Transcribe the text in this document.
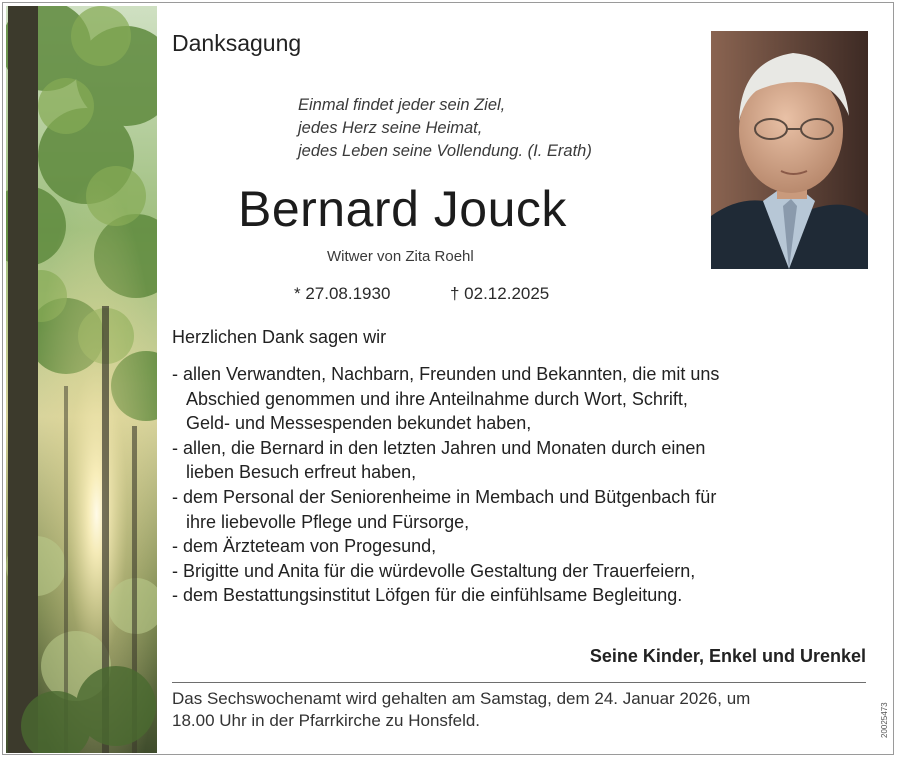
Danksagung
Einmal findet jeder sein Ziel,
jedes Herz seine Heimat,
jedes Leben seine Vollendung. (I. Erath)
Bernard Jouck
Witwer von Zita Roehl
* 27.08.1930	† 02.12.2025
Herzlichen Dank sagen wir
- allen Verwandten, Nachbarn, Freunden und Bekannten, die mit uns
Abschied genommen und ihre Anteilnahme durch Wort, Schrift,
Geld- und Messespenden bekundet haben,
- allen, die Bernard in den letzten Jahren und Monaten durch einen
lieben Besuch erfreut haben,
- dem Personal der Seniorenheime in Membach und Bütgenbach für
ihre liebevolle Pflege und Fürsorge,
- dem Ärzteteam von Progesund,
- Brigitte und Anita für die würdevolle Gestaltung der Trauerfeiern,
- dem Bestattungsinstitut Löfgen für die einfühlsame Begleitung.
Seine Kinder, Enkel und Urenkel
Das Sechswochenamt wird gehalten am Samstag, dem 24. Januar 2026, um
18.00 Uhr in der Pfarrkirche zu Honsfeld.	20025473
